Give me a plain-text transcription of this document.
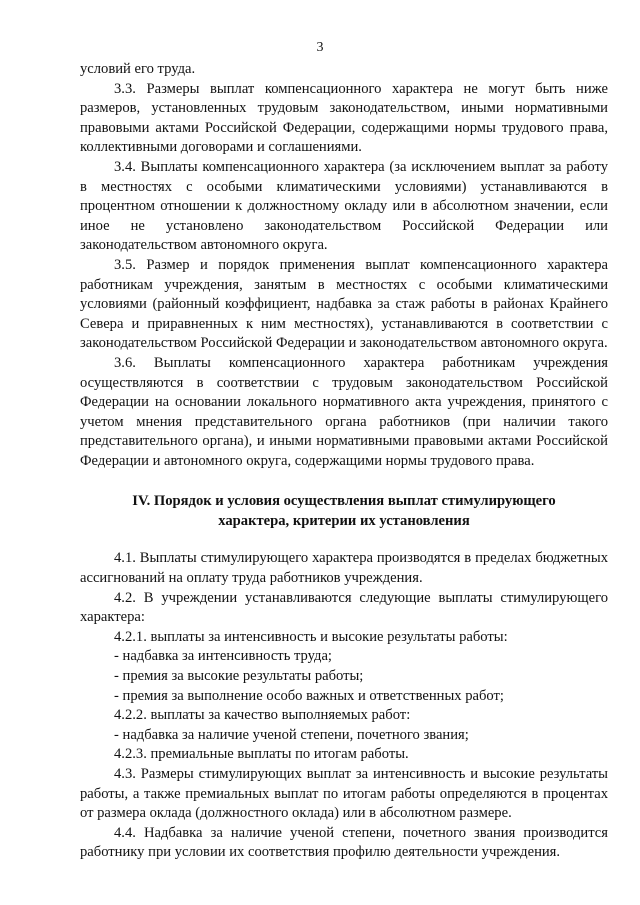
3

условий его труда.

3.3. Размеры выплат компенсационного характера не могут быть ниже размеров, установленных трудовым законодательством, иными нормативными правовыми актами Российской Федерации, содержащими нормы трудового права, коллективными договорами и соглашениями.

3.4. Выплаты компенсационного характера (за исключением выплат за работу в местностях с особыми климатическими условиями) устанавливаются в процентном отношении к должностному окладу или в абсолютном значении, если иное не установлено законодательством Российской Федерации или законодательством автономного округа.

3.5. Размер и порядок применения выплат компенсационного характера работникам учреждения, занятым в местностях с особыми климатическими условиями (районный коэффициент, надбавка за стаж работы в районах Крайнего Севера и приравненных к ним местностях), устанавливаются в соответствии с законодательством Российской Федерации и законодательством автономного округа.

3.6. Выплаты компенсационного характера работникам учреждения осуществляются в соответствии с трудовым законодательством Российской Федерации на основании локального нормативного акта учреждения, принятого с учетом мнения представительного органа работников (при наличии такого представительного органа), и иными нормативными правовыми актами Российской Федерации и автономного округа, содержащими нормы трудового права.

IV. Порядок и условия осуществления выплат стимулирующего
характера, критерии их установления

4.1. Выплаты стимулирующего характера производятся в пределах бюджетных ассигнований на оплату труда работников учреждения.

4.2. В учреждении устанавливаются следующие выплаты стимулирующего характера:

4.2.1. выплаты за интенсивность и высокие результаты работы:

- надбавка за интенсивность труда;

- премия за высокие результаты работы;

- премия за выполнение особо важных и ответственных работ;

4.2.2. выплаты за качество выполняемых работ:

- надбавка за наличие ученой степени, почетного звания;

4.2.3. премиальные выплаты по итогам работы.

4.3. Размеры стимулирующих выплат за интенсивность и высокие результаты работы, а также премиальных выплат по итогам работы определяются в процентах от размера оклада (должностного оклада) или в абсолютном размере.

4.4. Надбавка за наличие ученой степени, почетного звания производится работнику при условии их соответствия профилю деятельности учреждения.
